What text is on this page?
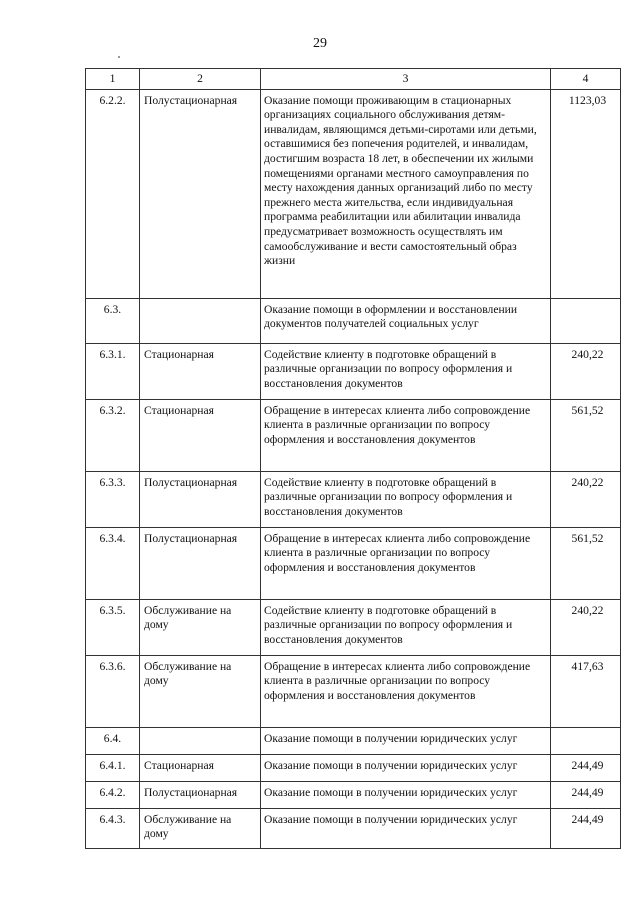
29
1	2	3	4
6.2.2.	Полустационарная	Оказание помощи проживающим в стационарных организациях социального обслуживания детям-инвалидам, являющимся детьми-сиротами или детьми, оставшимися без попечения родителей, и инвалидам, достигшим возраста 18 лет, в обеспечении их жилыми помещениями органами местного самоуправления по месту нахождения данных организаций либо по месту прежнего места жительства, если индивидуальная программа реабилитации или абилитации инвалида предусматривает возможность осуществлять им самообслуживание и вести самостоятельный образ жизни	1123,03
6.3.		Оказание помощи в оформлении и восстановлении документов получателей социальных услуг	
6.3.1.	Стационарная	Содействие клиенту в подготовке обращений в различные организации по вопросу оформления и восстановления документов	240,22
6.3.2.	Стационарная	Обращение в интересах клиента либо сопровождение клиента в различные организации по вопросу оформления и восстановления документов	561,52
6.3.3.	Полустационарная	Содействие клиенту в подготовке обращений в различные организации по вопросу оформления и восстановления документов	240,22
6.3.4.	Полустационарная	Обращение в интересах клиента либо сопровождение клиента в различные организации по вопросу оформления и восстановления документов	561,52
6.3.5.	Обслуживание на дому	Содействие клиенту в подготовке обращений в различные организации по вопросу оформления и восстановления документов	240,22
6.3.6.	Обслуживание на дому	Обращение в интересах клиента либо сопровождение клиента в различные организации по вопросу оформления и восстановления документов	417,63
6.4.		Оказание помощи в получении юридических услуг	
6.4.1.	Стационарная	Оказание помощи в получении юридических услуг	244,49
6.4.2.	Полустационарная	Оказание помощи в получении юридических услуг	244,49
6.4.3.	Обслуживание на дому	Оказание помощи в получении юридических услуг	244,49
